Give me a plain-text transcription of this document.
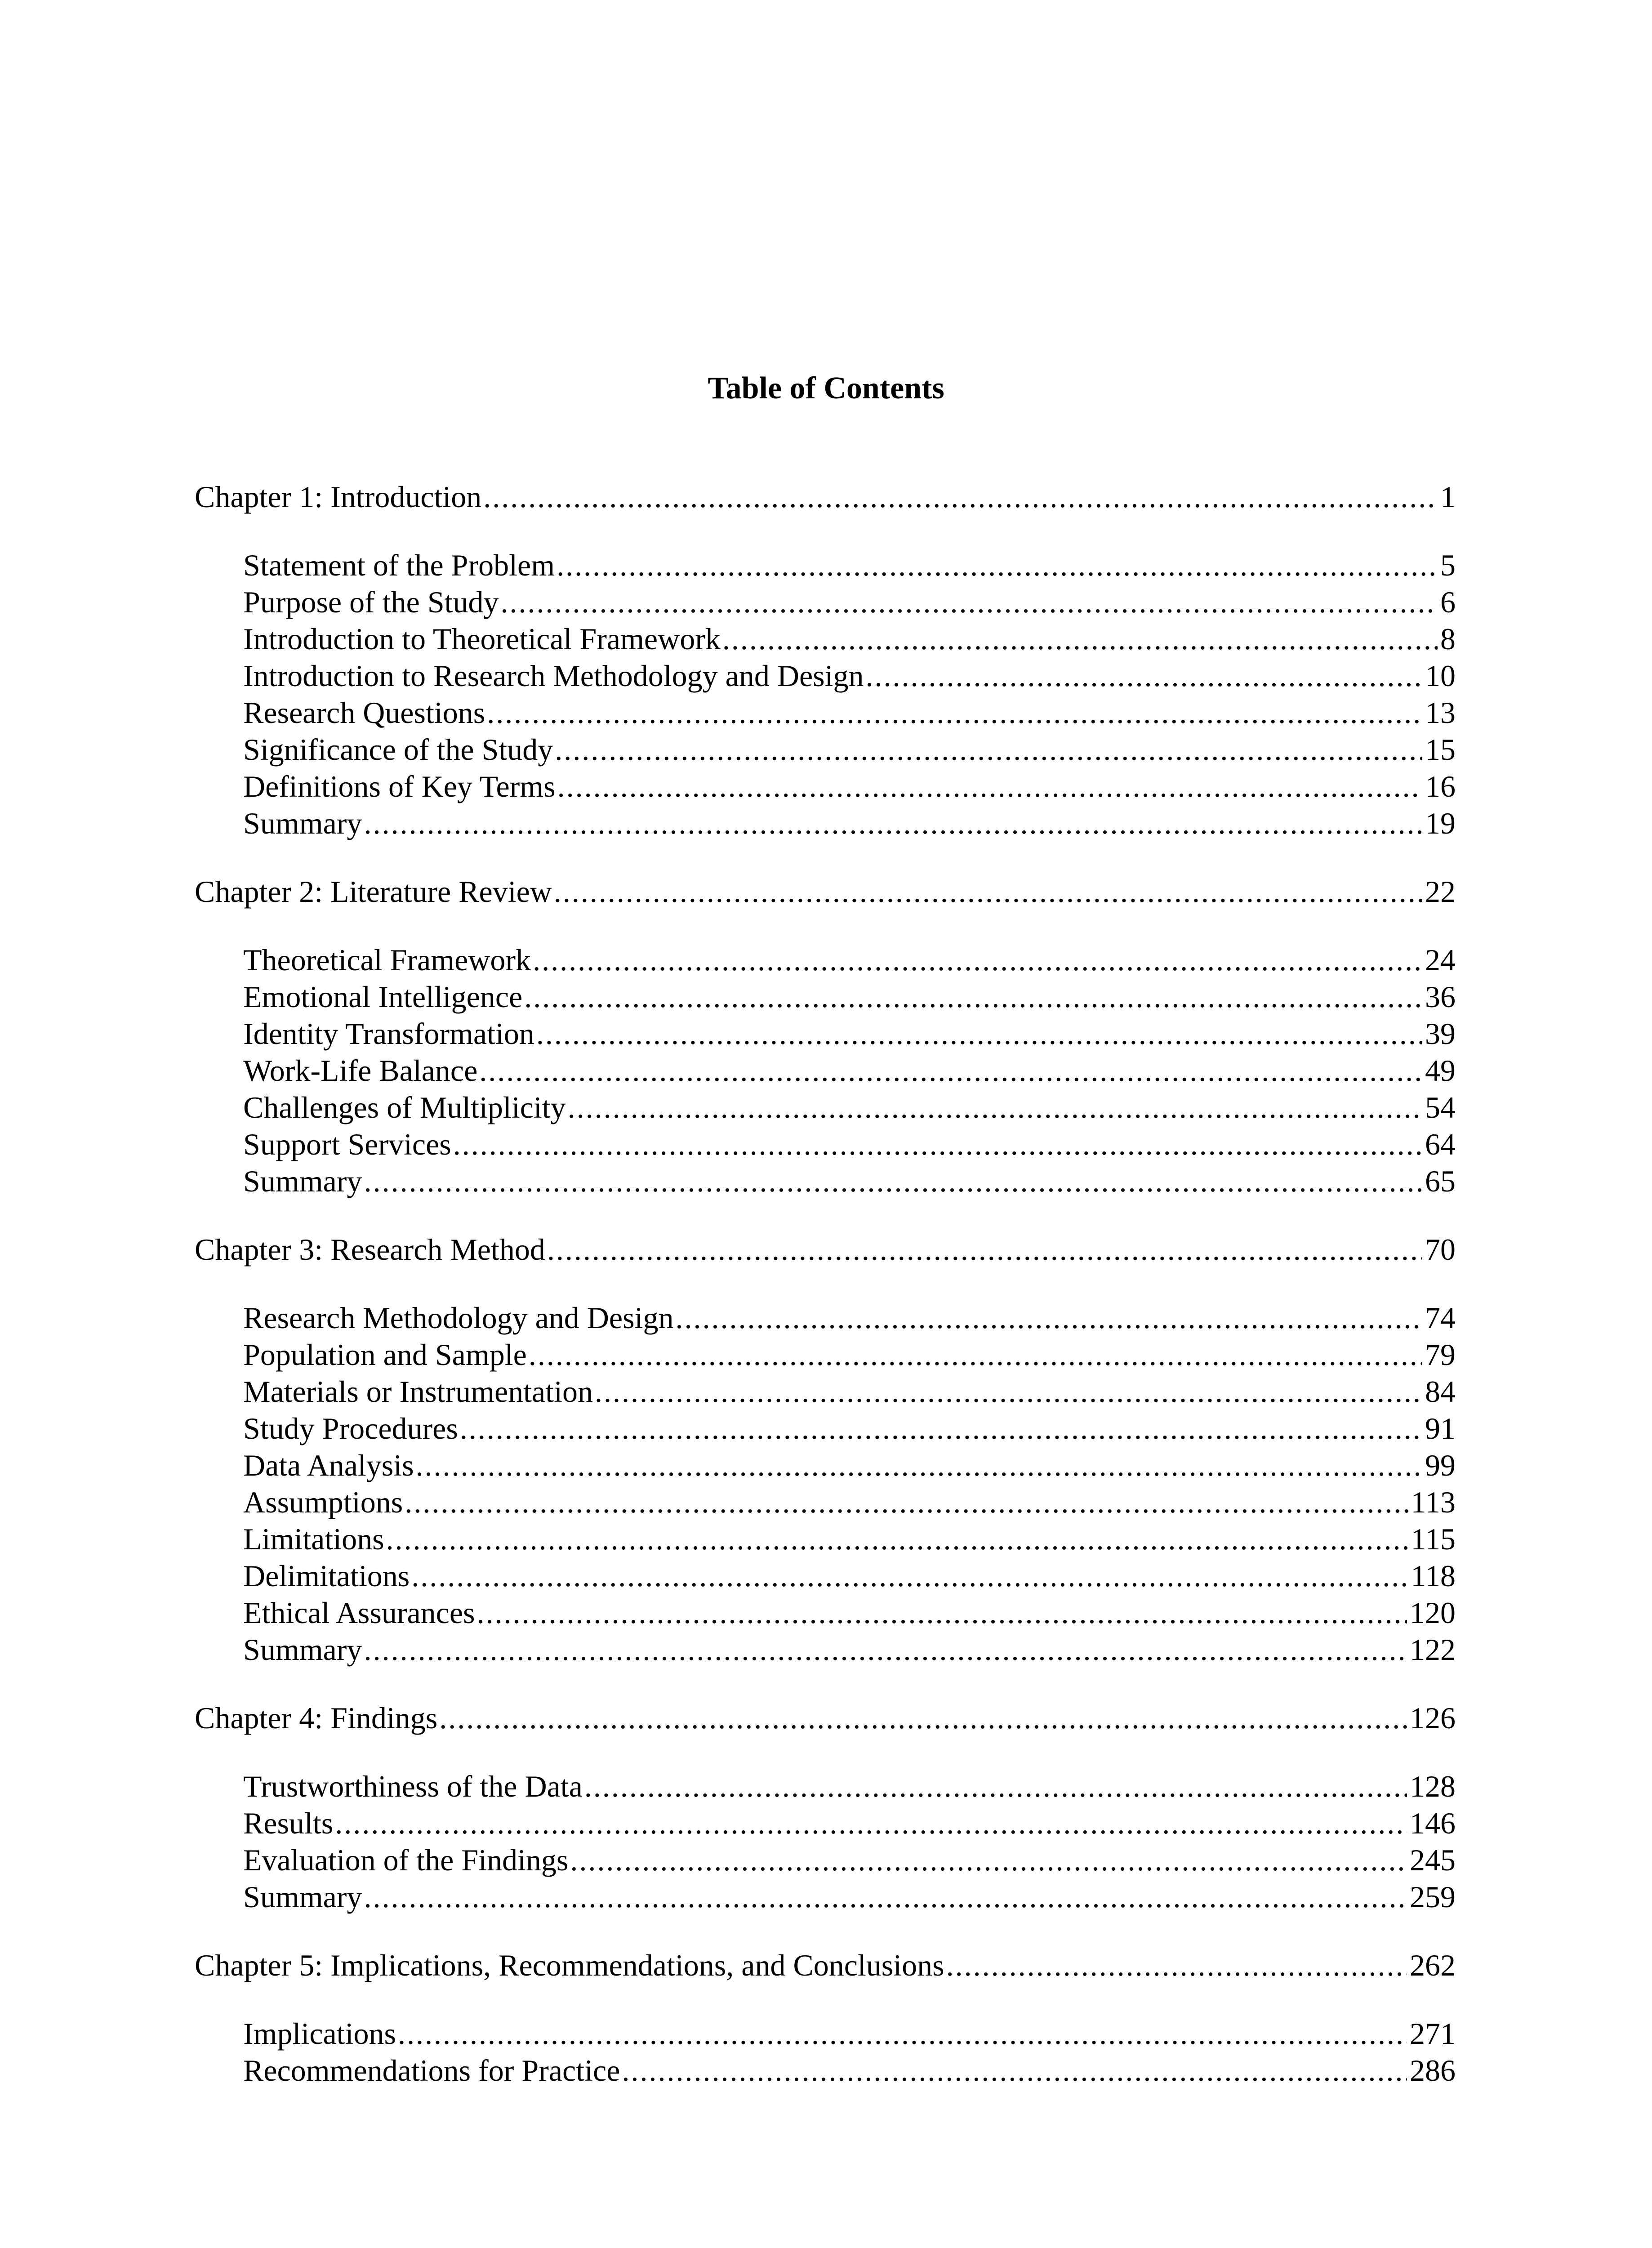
Table of Contents
Chapter 1: Introduction .....	1
Statement of the Problem .....	5
Purpose of the Study .....	6
Introduction to Theoretical Framework .....	8
Introduction to Research Methodology and Design .....	10
Research Questions .....	13
Significance of the Study .....	15
Definitions of Key Terms .....	16
Summary .....	19
Chapter 2: Literature Review .....	22
Theoretical Framework .....	24
Emotional Intelligence .....	36
Identity Transformation .....	39
Work-Life Balance .....	49
Challenges of Multiplicity .....	54
Support Services .....	64
Summary .....	65
Chapter 3: Research Method .....	70
Research Methodology and Design .....	74
Population and Sample .....	79
Materials or Instrumentation .....	84
Study Procedures .....	91
Data Analysis .....	99
Assumptions .....	113
Limitations .....	115
Delimitations .....	118
Ethical Assurances .....	120
Summary .....	122
Chapter 4: Findings .....	126
Trustworthiness of the Data .....	128
Results .....	146
Evaluation of the Findings .....	245
Summary .....	259
Chapter 5: Implications, Recommendations, and Conclusions .....	262
Implications .....	271
Recommendations for Practice .....	286
